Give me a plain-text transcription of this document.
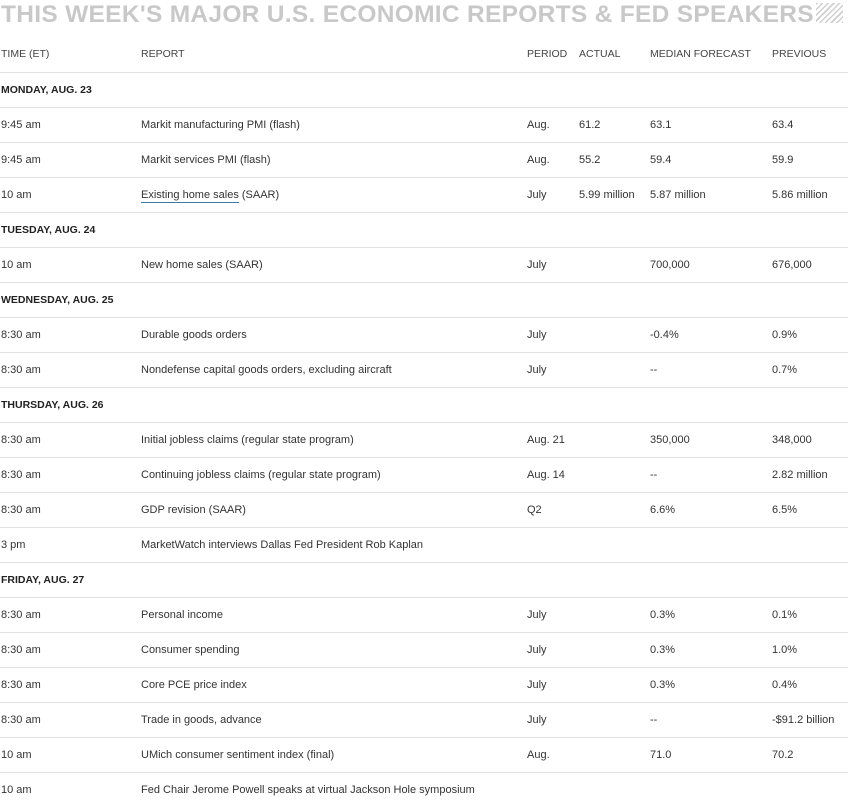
THIS WEEK'S MAJOR U.S. ECONOMIC REPORTS & FED SPEAKERS
TIME (ET)	REPORT	PERIOD	ACTUAL	MEDIAN FORECAST	PREVIOUS
MONDAY, AUG. 23					
9:45 am	Markit manufacturing PMI (flash)	Aug.	61.2	63.1	63.4
9:45 am	Markit services PMI (flash)	Aug.	55.2	59.4	59.9
10 am	Existing home sales (SAAR)	July	5.99 million	5.87 million	5.86 million
TUESDAY, AUG. 24					
10 am	New home sales (SAAR)	July		700,000	676,000
WEDNESDAY, AUG. 25					
8:30 am	Durable goods orders	July		-0.4%	0.9%
8:30 am	Nondefense capital goods orders, excluding aircraft	July		--	0.7%
THURSDAY, AUG. 26					
8:30 am	Initial jobless claims (regular state program)	Aug. 21		350,000	348,000
8:30 am	Continuing jobless claims (regular state program)	Aug. 14		--	2.82 million
8:30 am	GDP revision (SAAR)	Q2		6.6%	6.5%
3 pm	MarketWatch interviews Dallas Fed President Rob Kaplan				
FRIDAY, AUG. 27					
8:30 am	Personal income	July		0.3%	0.1%
8:30 am	Consumer spending	July		0.3%	1.0%
8:30 am	Core PCE price index	July		0.3%	0.4%
8:30 am	Trade in goods, advance	July		--	-$91.2 billion
10 am	UMich consumer sentiment index (final)	Aug.		71.0	70.2
10 am	Fed Chair Jerome Powell speaks at virtual Jackson Hole symposium				
